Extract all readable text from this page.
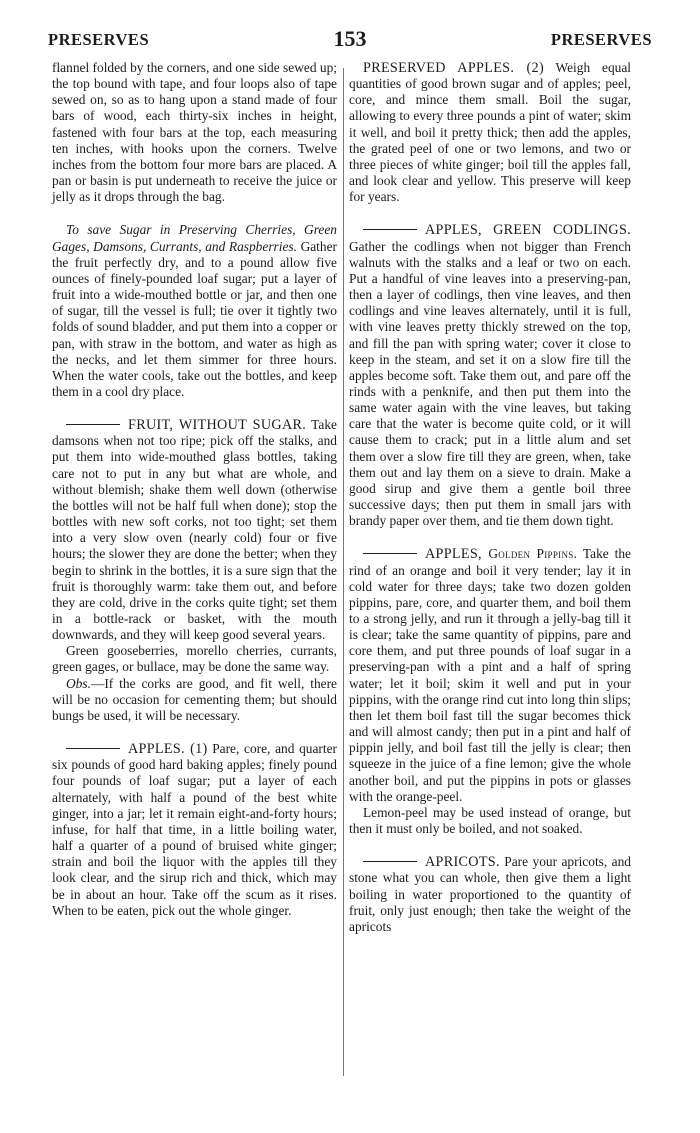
PRESERVES	153	PRESERVES

flannel folded by the corners, and one side sewed up; the top bound with tape, and four loops also of tape sewed on, so as to hang upon a stand made of four bars of wood, each thirty-six inches in height, fastened with four bars at the top, each measuring ten inches, with hooks upon the corners. Twelve inches from the bottom four more bars are placed. A pan or basin is put underneath to receive the juice or jelly as it drops through the bag.

To save Sugar in Preserving Cherries, Green Gages, Damsons, Currants, and Raspberries. Gather the fruit perfectly dry, and to a pound allow five ounces of finely-pounded loaf sugar; put a layer of fruit into a wide-mouthed bottle or jar, and then one of sugar, till the vessel is full; tie over it tightly two folds of sound bladder, and put them into a copper or pan, with straw in the bottom, and water as high as the necks, and let them simmer for three hours. When the water cools, take out the bottles, and keep them in a cool dry place.

FRUIT, WITHOUT SUGAR. Take damsons when not too ripe; pick off the stalks, and put them into wide-mouthed glass bottles, taking care not to put in any but what are whole, and without blemish; shake them well down (otherwise the bottles will not be half full when done); stop the bottles with new soft corks, not too tight; set them into a very slow oven (nearly cold) four or five hours; the slower they are done the better; when they begin to shrink in the bottles, it is a sure sign that the fruit is thoroughly warm: take them out, and before they are cold, drive in the corks quite tight; set them in a bottle-rack or basket, with the mouth downwards, and they will keep good several years.

Green gooseberries, morello cherries, currants, green gages, or bullace, may be done the same way.

Obs.—If the corks are good, and fit well, there will be no occasion for cementing them; but should bungs be used, it will be necessary.

APPLES. (1) Pare, core, and quarter six pounds of good hard baking apples; finely pound four pounds of loaf sugar; put a layer of each alternately, with half a pound of the best white ginger, into a jar; let it remain eight-and-forty hours; infuse, for half that time, in a little boiling water, half a quarter of a pound of bruised white ginger; strain and boil the liquor with the apples till they look clear, and the sirup rich and thick, which may be in about an hour. Take off the scum as it rises. When to be eaten, pick out the whole ginger.

PRESERVED APPLES. (2) Weigh equal quantities of good brown sugar and of apples; peel, core, and mince them small. Boil the sugar, allowing to every three pounds a pint of water; skim it well, and boil it pretty thick; then add the apples, the grated peel of one or two lemons, and two or three pieces of white ginger; boil till the apples fall, and look clear and yellow. This preserve will keep for years.

APPLES, GREEN CODLINGS. Gather the codlings when not bigger than French walnuts with the stalks and a leaf or two on each. Put a handful of vine leaves into a preserving-pan, then a layer of codlings, then vine leaves, and then codlings and vine leaves alternately, until it is full, with vine leaves pretty thickly strewed on the top, and fill the pan with spring water; cover it close to keep in the steam, and set it on a slow fire till the apples become soft. Take them out, and pare off the rinds with a penknife, and then put them into the same water again with the vine leaves, but taking care that the water is become quite cold, or it will cause them to crack; put in a little alum and set them over a slow fire till they are green, when, take them out and lay them on a sieve to drain. Make a good sirup and give them a gentle boil three successive days; then put them in small jars with brandy paper over them, and tie them down tight.

APPLES, Golden Pippins. Take the rind of an orange and boil it very tender; lay it in cold water for three days; take two dozen golden pippins, pare, core, and quarter them, and boil them to a strong jelly, and run it through a jelly-bag till it is clear; take the same quantity of pippins, pare and core them, and put three pounds of loaf sugar in a preserving-pan with a pint and a half of spring water; let it boil; skim it well and put in your pippins, with the orange rind cut into long thin slips; then let them boil fast till the sugar becomes thick and will almost candy; then put in a pint and half of pippin jelly, and boil fast till the jelly is clear; then squeeze in the juice of a fine lemon; give the whole another boil, and put the pippins in pots or glasses with the orange-peel.

Lemon-peel may be used instead of orange, but then it must only be boiled, and not soaked.

APRICOTS. Pare your apricots, and stone what you can whole, then give them a light boiling in water proportioned to the quantity of fruit, only just enough; then take the weight of the apricots
